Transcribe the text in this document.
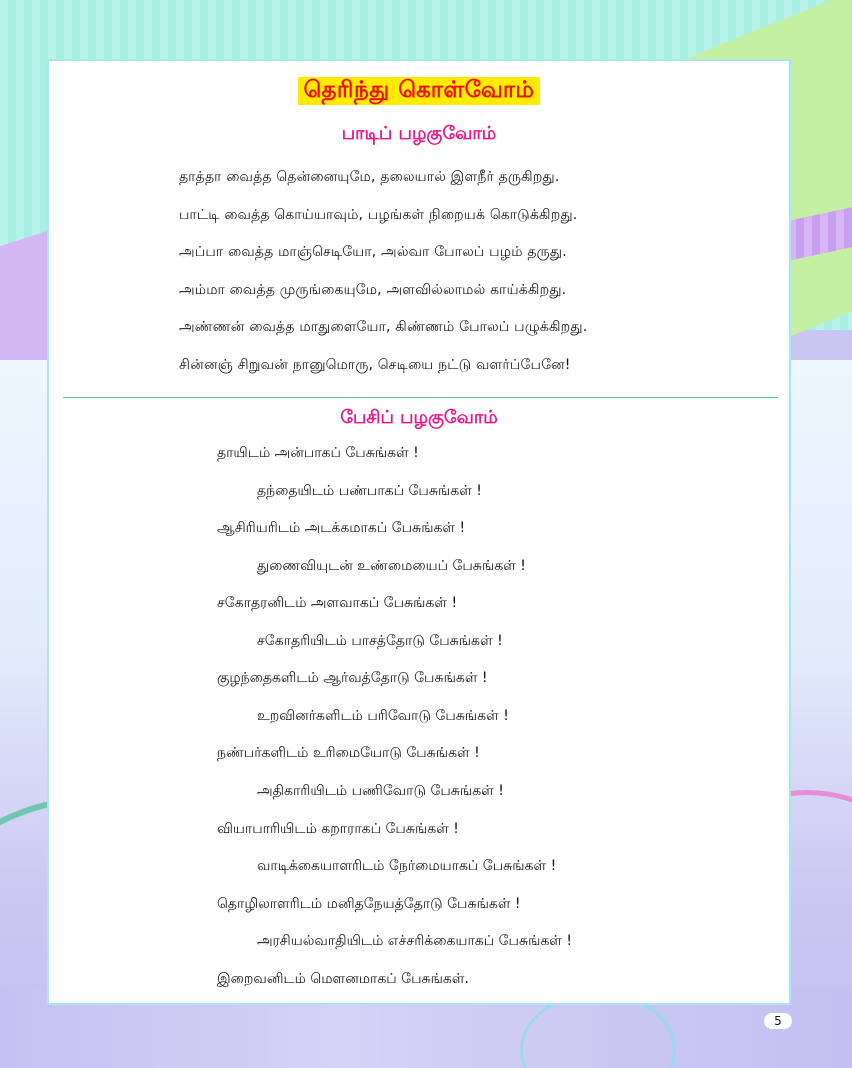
தெரிந்து கொள்வோம்
பாடிப் பழகுவோம்
தாத்தா வைத்த தென்னையுமே, தலையால் இளநீர் தருகிறது.
பாட்டி வைத்த கொய்யாவும், பழங்கள் நிறையக் கொடுக்கிறது.
அப்பா வைத்த மாஞ்செடியோ, அல்வா போலப் பழம் தருது.
அம்மா வைத்த முருங்கையுமே, அளவில்லாமல் காய்க்கிறது.
அண்ணன் வைத்த மாதுளையோ, கிண்ணம் போலப் பழுக்கிறது.
சின்னஞ் சிறுவன் நானுமொரு, செடியை நட்டு வளர்ப்பேனே!
பேசிப் பழகுவோம்
தாயிடம் அன்பாகப் பேசுங்கள் !
தந்தையிடம் பண்பாகப் பேசுங்கள் !
ஆசிரியரிடம் அடக்கமாகப் பேசுங்கள் !
துணைவியுடன் உண்மையைப் பேசுங்கள் !
சகோதரனிடம் அளவாகப் பேசுங்கள் !
சகோதரியிடம் பாசத்தோடு பேசுங்கள் !
குழந்தைகளிடம் ஆர்வத்தோடு பேசுங்கள் !
உறவினர்களிடம் பரிவோடு பேசுங்கள் !
நண்பர்களிடம் உரிமையோடு பேசுங்கள் !
அதிகாரியிடம் பணிவோடு பேசுங்கள் !
வியாபாரியிடம் கறாராகப் பேசுங்கள் !
வாடிக்கையாளரிடம் நேர்மையாகப் பேசுங்கள் !
தொழிலாளரிடம் மனிதநேயத்தோடு பேசுங்கள் !
அரசியல்வாதியிடம் எச்சரிக்கையாகப் பேசுங்கள் !
இறைவனிடம் மௌனமாகப் பேசுங்கள்.
5
